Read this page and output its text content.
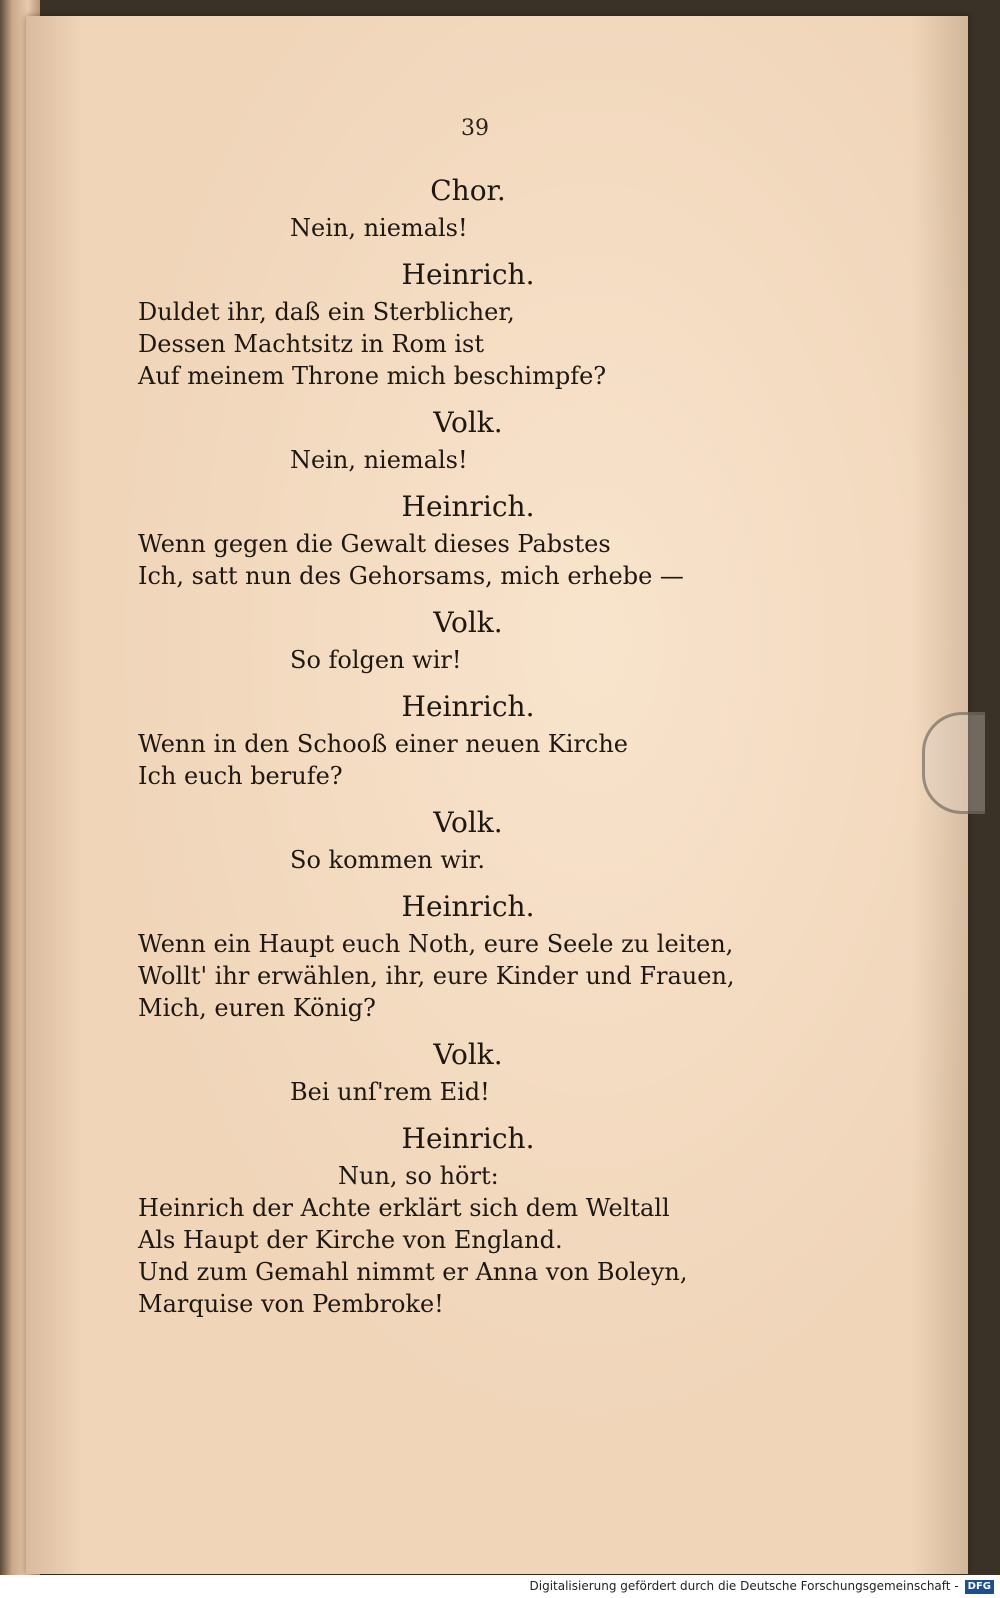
39
Chor.
Nein, niemals!
Heinrich.
Duldet ihr, daß ein Sterblicher,
Dessen Machtsitz in Rom ist
Auf meinem Throne mich beschimpfe?
Volk.
Nein, niemals!
Heinrich.
Wenn gegen die Gewalt dieses Pabstes
Ich, satt nun des Gehorsams, mich erhebe —
Volk.
So folgen wir!
Heinrich.
Wenn in den Schooß einer neuen Kirche
Ich euch berufe?
Volk.
So kommen wir.
Heinrich.
Wenn ein Haupt euch Noth, eure Seele zu leiten,
Wollt' ihr erwählen, ihr, eure Kinder und Frauen,
Mich, euren König?
Volk.
Bei unſ'rem Eid!
Heinrich.
Nun, so hört:
Heinrich der Achte erklärt sich dem Weltall
Als Haupt der Kirche von England.
Und zum Gemahl nimmt er Anna von Boleyn,
Marquise von Pembroke!
Digitalisierung gefördert durch die Deutsche Forschungsgemeinschaft - DFG
